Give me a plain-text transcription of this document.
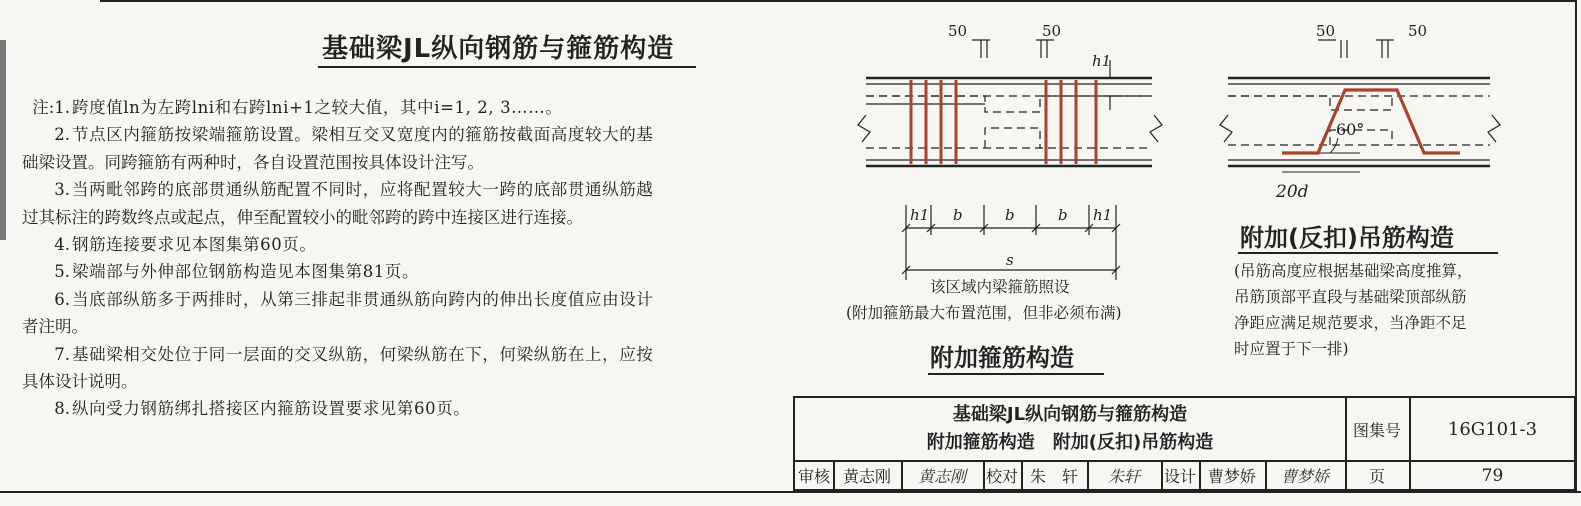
基础梁JL纵向钢筋与箍筋构造
注:1. 跨度值ln为左跨lni和右跨lni+1之较大值，其中i=1, 2, 3……。
2. 节点区内箍筋按梁端箍筋设置。梁相互交叉宽度内的箍筋按截面高度较大的基
础梁设置。同跨箍筋有两种时，各自设置范围按具体设计注写。
3. 当两毗邻跨的底部贯通纵筋配置不同时，应将配置较大一跨的底部贯通纵筋越
过其标注的跨数终点或起点，伸至配置较小的毗邻跨的跨中连接区进行连接。
4. 钢筋连接要求见本图集第60页。
5. 梁端部与外伸部位钢筋构造见本图集第81页。
6. 当底部纵筋多于两排时，从第三排起非贯通纵筋向跨内的伸出长度值应由设计
者注明。
7. 基础梁相交处位于同一层面的交叉纵筋，何梁纵筋在下，何梁纵筋在上，应按
具体设计说明。
8. 纵向受力钢筋绑扎搭接区内箍筋设置要求见第60页。
50	50
h1
h1 b	b	b h1
s
该区域内梁箍筋照设
(附加箍筋最大布置范围，但非必须布满)
附加箍筋构造
50	50
60°
20d
附加(反扣)吊筋构造
(吊筋高度应根据基础梁高度推算，
吊筋顶部平直段与基础梁顶部纵筋
净距应满足规范要求，当净距不足
时应置于下一排)
基础梁JL纵向钢筋与箍筋构造
附加箍筋构造　附加(反扣)吊筋构造
图集号	16G101-3
审核 黄志刚	黄志刚	校对 朱　轩	朱轩	设计 曹梦娇	曹梦娇	页	79
